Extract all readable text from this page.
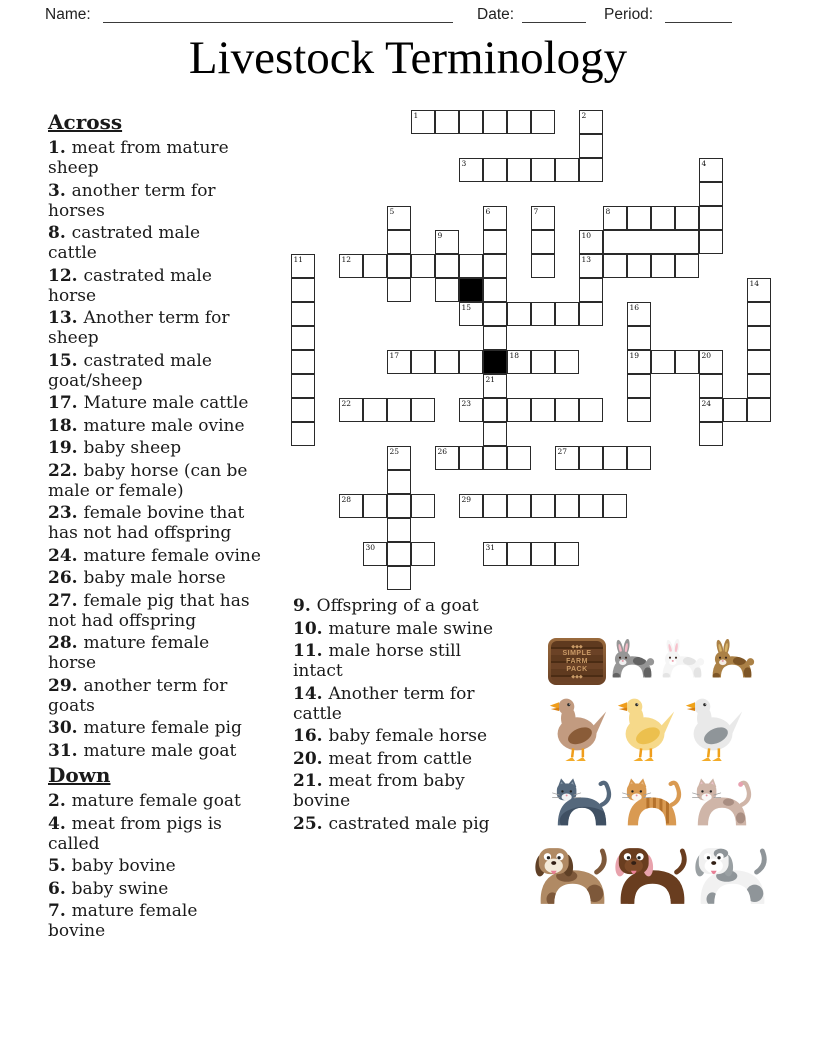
Name:	Date:	Period:
Livestock Terminology
1
3
8
12	13
15
17	18	19	20
22	23	24
26	27
28	29
30	31
2
4
5	6	7
9	10
11
14
16
21
25
Across
1. meat from mature
sheep
3. another term for
horses
8. castrated male
cattle
12. castrated male
horse
13. Another term for
sheep
15. castrated male
goat/sheep
17. Mature male cattle
18. mature male ovine
19. baby sheep
22. baby horse (can be
male or female)
23. female bovine that
has not had offspring
24. mature female ovine
26. baby male horse
27. female pig that has
not had offspring
28. mature female
horse
29. another term for
goats
30. mature female pig
31. mature male goat
Down
2. mature female goat
4. meat from pigs is
called
5. baby bovine
6. baby swine
7. mature female
bovine
9. Offspring of a goat
10. mature male swine
11. male horse still
intact
14. Another term for
cattle
16. baby female horse
20. meat from cattle
21. meat from baby
bovine
25. castrated male pig
◆◆◆
SIMPLE
FARM
PACK
◆◆◆
